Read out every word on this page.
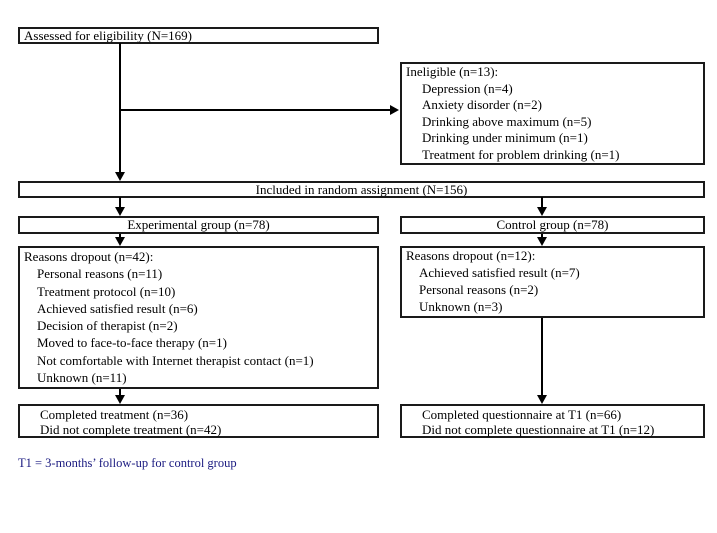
Assessed for eligibility (N=169)
Ineligible (n=13):
Depression (n=4)
Anxiety disorder (n=2)
Drinking above maximum (n=5)
Drinking under minimum (n=1)
Treatment for problem drinking (n=1)
Included in random assignment (N=156)
Experimental group (n=78)	Control group (n=78)
Reasons dropout (n=42):
Personal reasons (n=11)
Treatment protocol (n=10)
Achieved satisfied result (n=6)
Decision of therapist (n=2)
Moved to face-to-face therapy (n=1)
Not comfortable with Internet therapist contact (n=1)
Unknown (n=11)
Reasons dropout (n=12):
Achieved satisfied result (n=7)
Personal reasons (n=2)
Unknown (n=3)
Completed treatment (n=36)
Did not complete treatment (n=42)
Completed questionnaire at T1 (n=66)
Did not complete questionnaire at T1 (n=12)
T1 = 3-months’ follow-up for control group
